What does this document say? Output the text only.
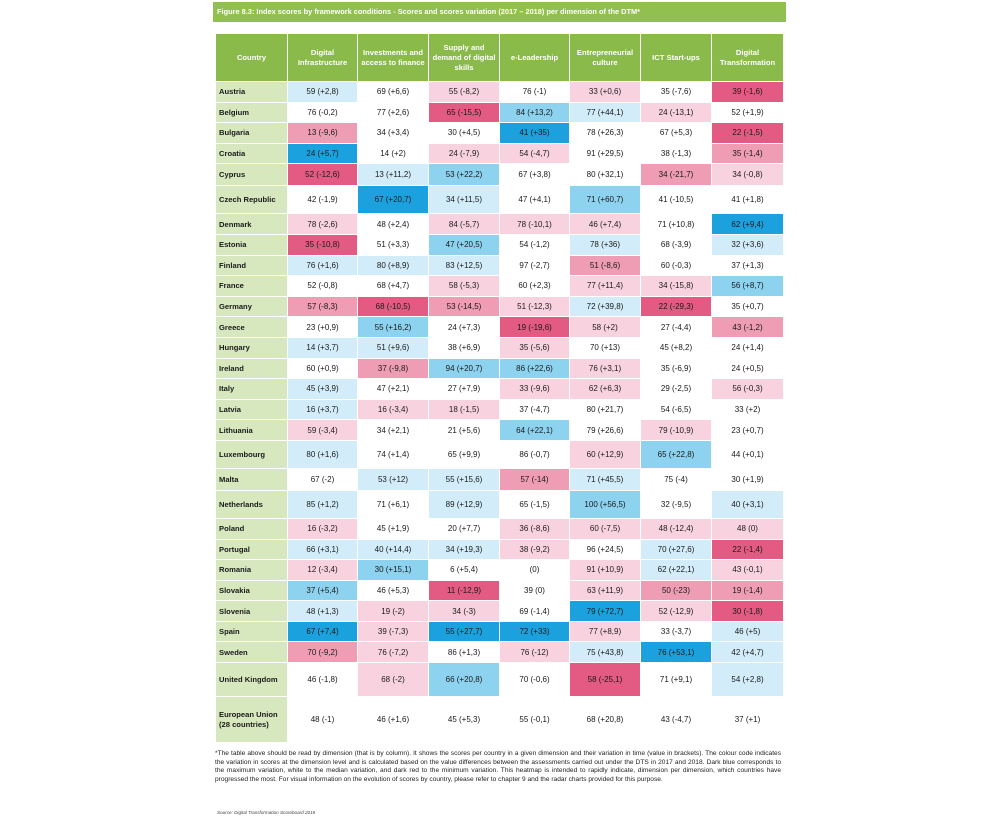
Figure 8.3: Index scores by framework conditions - Scores and scores variation (2017 – 2018) per dimension of the DTM*
Country	Digital Infrastructure	Investments and access to finance	Supply and demand of digital skills	e-Leadership	Entrepreneurial culture	ICT Start-ups	Digital Transformation
Austria	59 (+2,8)	69 (+6,6)	55 (-8,2)	76 (-1)	33 (+0,6)	35 (-7,6)	39 (-1,6)
Belgium	76 (-0,2)	77 (+2,6)	65 (-15,5)	84 (+13,2)	77 (+44,1)	24 (-13,1)	52 (+1,9)
Bulgaria	13 (-9,6)	34 (+3,4)	30 (+4,5)	41 (+35)	78 (+26,3)	67 (+5,3)	22 (-1,5)
Croatia	24 (+5,7)	14 (+2)	24 (-7,9)	54 (-4,7)	91 (+29,5)	38 (-1,3)	35 (-1,4)
Cyprus	52 (-12,6)	13 (+11,2)	53 (+22,2)	67 (+3,8)	80 (+32,1)	34 (-21,7)	34 (-0,8)
Czech Republic	42 (-1,9)	67 (+20,7)	34 (+11,5)	47 (+4,1)	71 (+60,7)	41 (-10,5)	41 (+1,8)
Denmark	78 (-2,6)	48 (+2,4)	84 (-5,7)	78 (-10,1)	46 (+7,4)	71 (+10,8)	62 (+9,4)
Estonia	35 (-10,8)	51 (+3,3)	47 (+20,5)	54 (-1,2)	78 (+36)	68 (-3,9)	32 (+3,6)
Finland	76 (+1,6)	80 (+8,9)	83 (+12,5)	97 (-2,7)	51 (-8,6)	60 (-0,3)	37 (+1,3)
France	52 (-0,8)	68 (+4,7)	58 (-5,3)	60 (+2,3)	77 (+11,4)	34 (-15,8)	56 (+8,7)
Germany	57 (-8,3)	68 (-10,5)	53 (-14,5)	51 (-12,3)	72 (+39,8)	22 (-29,3)	35 (+0,7)
Greece	23 (+0,9)	55 (+16,2)	24 (+7,3)	19 (-19,6)	58 (+2)	27 (-4,4)	43 (-1,2)
Hungary	14 (+3,7)	51 (+9,6)	38 (+6,9)	35 (-5,6)	70 (+13)	45 (+8,2)	24 (+1,4)
Ireland	60 (+0,9)	37 (-9,8)	94 (+20,7)	86 (+22,6)	76 (+3,1)	35 (-6,9)	24 (+0,5)
Italy	45 (+3,9)	47 (+2,1)	27 (+7,9)	33 (-9,6)	62 (+6,3)	29 (-2,5)	56 (-0,3)
Latvia	16 (+3,7)	16 (-3,4)	18 (-1,5)	37 (-4,7)	80 (+21,7)	54 (-6,5)	33 (+2)
Lithuania	59 (-3,4)	34 (+2,1)	21 (+5,6)	64 (+22,1)	79 (+26,6)	79 (-10,9)	23 (+0,7)
Luxembourg	80 (+1,6)	74 (+1,4)	65 (+9,9)	86 (-0,7)	60 (+12,9)	65 (+22,8)	44 (+0,1)
Malta	67 (-2)	53 (+12)	55 (+15,6)	57 (-14)	71 (+45,5)	75 (-4)	30 (+1,9)
Netherlands	85 (+1,2)	71 (+6,1)	89 (+12,9)	65 (-1,5)	100 (+56,5)	32 (-9,5)	40 (+3,1)
Poland	16 (-3,2)	45 (+1,9)	20 (+7,7)	36 (-8,6)	60 (-7,5)	48 (-12,4)	48 (0)
Portugal	66 (+3,1)	40 (+14,4)	34 (+19,3)	38 (-9,2)	96 (+24,5)	70 (+27,6)	22 (-1,4)
Romania	12 (-3,4)	30 (+15,1)	6 (+5,4)	(0)	91 (+10,9)	62 (+22,1)	43 (-0,1)
Slovakia	37 (+5,4)	46 (+5,3)	11 (-12,9)	39 (0)	63 (+11,9)	50 (-23)	19 (-1,4)
Slovenia	48 (+1,3)	19 (-2)	34 (-3)	69 (-1,4)	79 (+72,7)	52 (-12,9)	30 (-1,8)
Spain	67 (+7,4)	39 (-7,3)	55 (+27,7)	72 (+33)	77 (+8,9)	33 (-3,7)	46 (+5)
Sweden	70 (-9,2)	76 (-7,2)	86 (+1,3)	76 (-12)	75 (+43,8)	76 (+53,1)	42 (+4,7)
United Kingdom	46 (-1,8)	68 (-2)	66 (+20,8)	70 (-0,6)	58 (-25,1)	71 (+9,1)	54 (+2,8)
European Union (28 countries)	48 (-1)	46 (+1,6)	45 (+5,3)	55 (-0,1)	68 (+20,8)	43 (-4,7)	37 (+1)
*The table above should be read by dimension (that is by column). It shows the scores per country in a given dimension and their variation in time (value in brackets). The colour code indicates the variation in scores at the dimension level and is calculated based on the value differences between the assessments carried out under the DTS in 2017 and 2018. Dark blue corresponds to the maximum variation, white to the median variation, and dark red to the minimum variation. This heatmap is intended to rapidly indicate, dimension per dimension, which countries have progressed the most. For visual information on the evolution of scores by country, please refer to chapter 9 and the radar charts provided for this purpose.
Source: Digital Transformation Scoreboard 2018
